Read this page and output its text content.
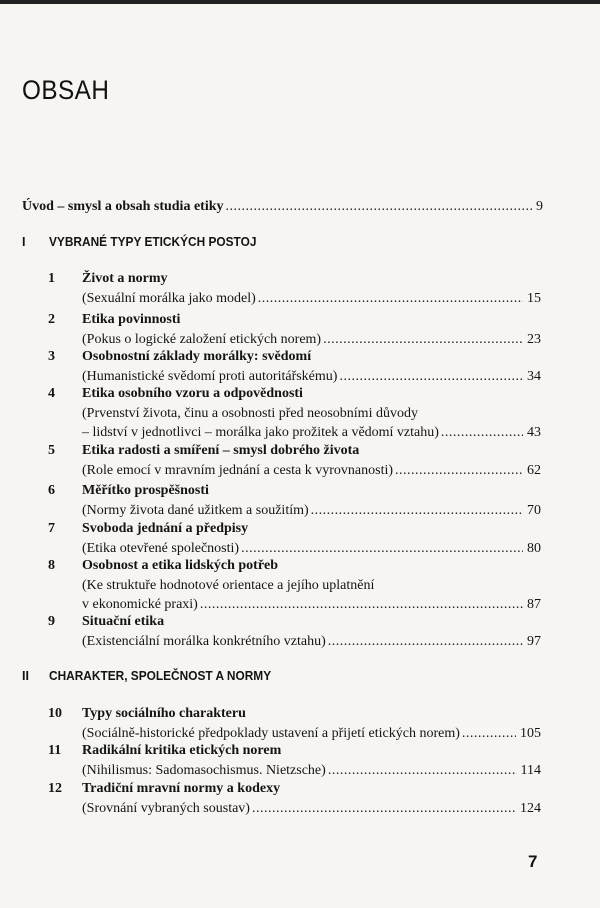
OBSAH
Úvod – smysl a obsah studia etiky .....	9
I	VYBRANÉ TYPY ETICKÝCH POSTOJ
1	Život a normy
(Sexuální morálka jako model) .....	15
2	Etika povinnosti
(Pokus o logické založení etických norem) .....	23
3	Osobnostní základy morálky: svědomí
(Humanistické svědomí proti autoritářskému) .....	34
4	Etika osobního vzoru a odpovědnosti
(Prvenství života, činu a osobnosti před neosobními důvody
– lidství v jednotlivci – morálka jako prožitek a vědomí vztahu) .....	43
5	Etika radosti a smíření – smysl dobrého života
(Role emocí v mravním jednání a cesta k vyrovnanosti) .....	62
6	Měřítko prospěšnosti
(Normy života dané užitkem a soužitím) .....	70
7	Svoboda jednání a předpisy
(Etika otevřené společnosti) .....	80
8	Osobnost a etika lidských potřeb
(Ke struktuře hodnotové orientace a jejího uplatnění
v ekonomické praxi) .....	87
9	Situační etika
(Existenciální morálka konkrétního vztahu) .....	97
II	CHARAKTER, SPOLEČNOST A NORMY
10	Typy sociálního charakteru
(Sociálně-historické předpoklady ustavení a přijetí etických norem) .....	105
11	Radikální kritika etických norem
(Nihilismus: Sadomasochismus. Nietzsche) .....	114
12	Tradiční mravní normy a kodexy
(Srovnání vybraných soustav) .....	124
7
